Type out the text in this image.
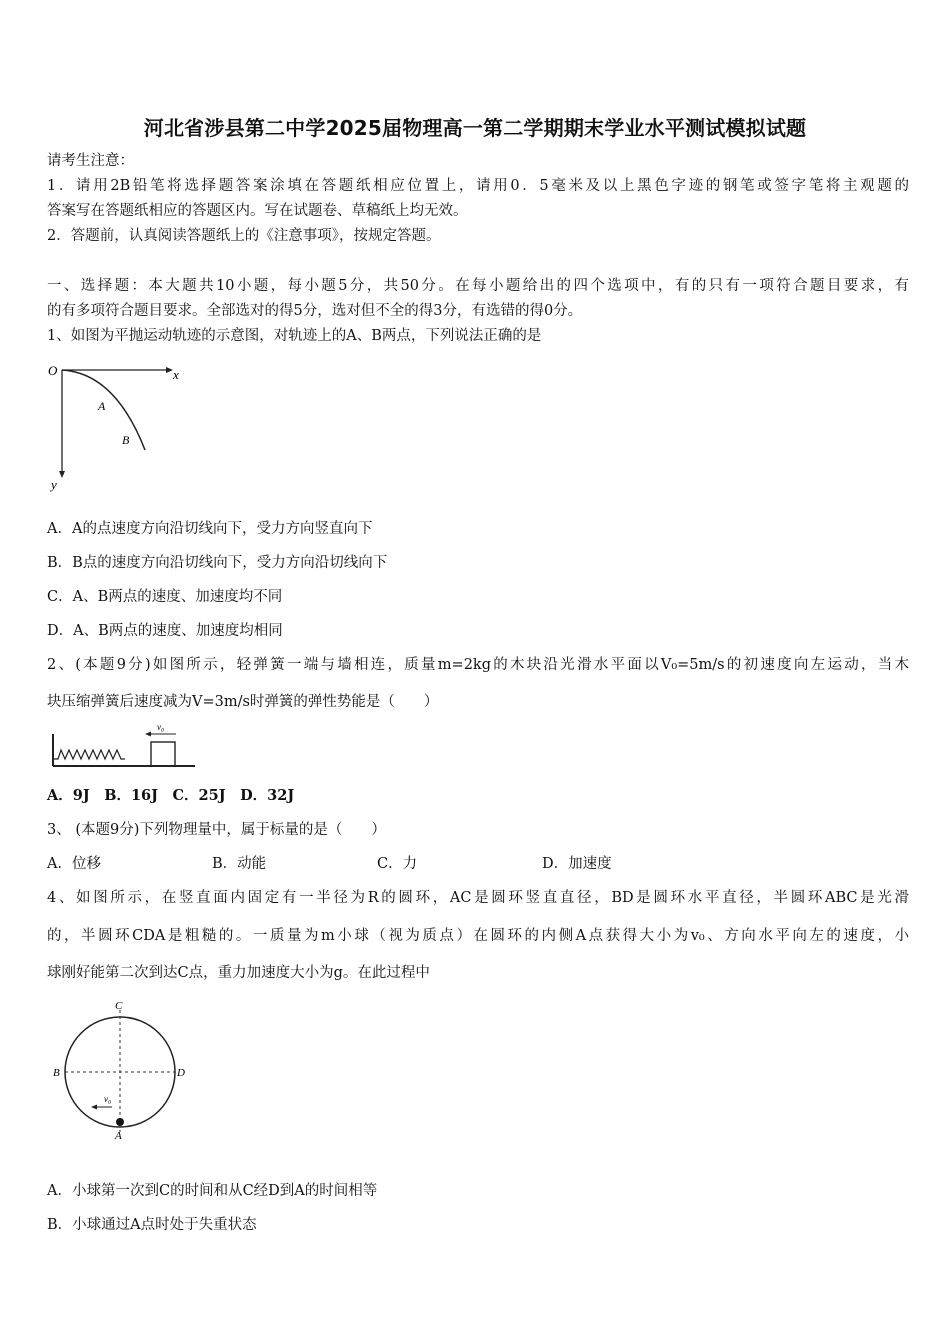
河北省涉县第二中学2025届物理高一第二学期期末学业水平测试模拟试题
请考生注意：
1．请用2B铅笔将选择题答案涂填在答题纸相应位置上，请用0．5毫米及以上黑色字迹的钢笔或签字笔将主观题的
答案写在答题纸相应的答题区内。写在试题卷、草稿纸上均无效。
2．答题前，认真阅读答题纸上的《注意事项》，按规定答题。
一、选择题：本大题共10小题，每小题5分，共50分。在每小题给出的四个选项中，有的只有一项符合题目要求，有
的有多项符合题目要求。全部选对的得5分，选对但不全的得3分，有选错的得0分。
1、如图为平抛运动轨迹的示意图，对轨迹上的A、B两点，下列说法正确的是
O	x
y
A
B
A．A的点速度方向沿切线向下，受力方向竖直向下
B．B点的速度方向沿切线向下，受力方向沿切线向下
C．A、B两点的速度、加速度均不同
D．A、B两点的速度、加速度均相同
2、(本题9分)如图所示，轻弹簧一端与墙相连，质量m=2kg的木块沿光滑水平面以V₀=5m/s的初速度向左运动，当木
块压缩弹簧后速度减为V=3m/s时弹簧的弹性势能是（　　）
v₀
A．9J　B．16J　C．25J　D．32J
3、 (本题9分)下列物理量中，属于标量的是（　　）
A．位移	B．动能	C．力	D．加速度
4、如图所示，在竖直面内固定有一半径为R的圆环，AC是圆环竖直直径，BD是圆环水平直径，半圆环ABC是光滑
的，半圆环CDA是粗糙的。一质量为m小球（视为质点）在圆环的内侧A点获得大小为v₀、方向水平向左的速度，小
球刚好能第二次到达C点，重力加速度大小为g。在此过程中
v₀
C
B	D
A
A．小球第一次到C的时间和从C经D到A的时间相等
B．小球通过A点时处于失重状态
